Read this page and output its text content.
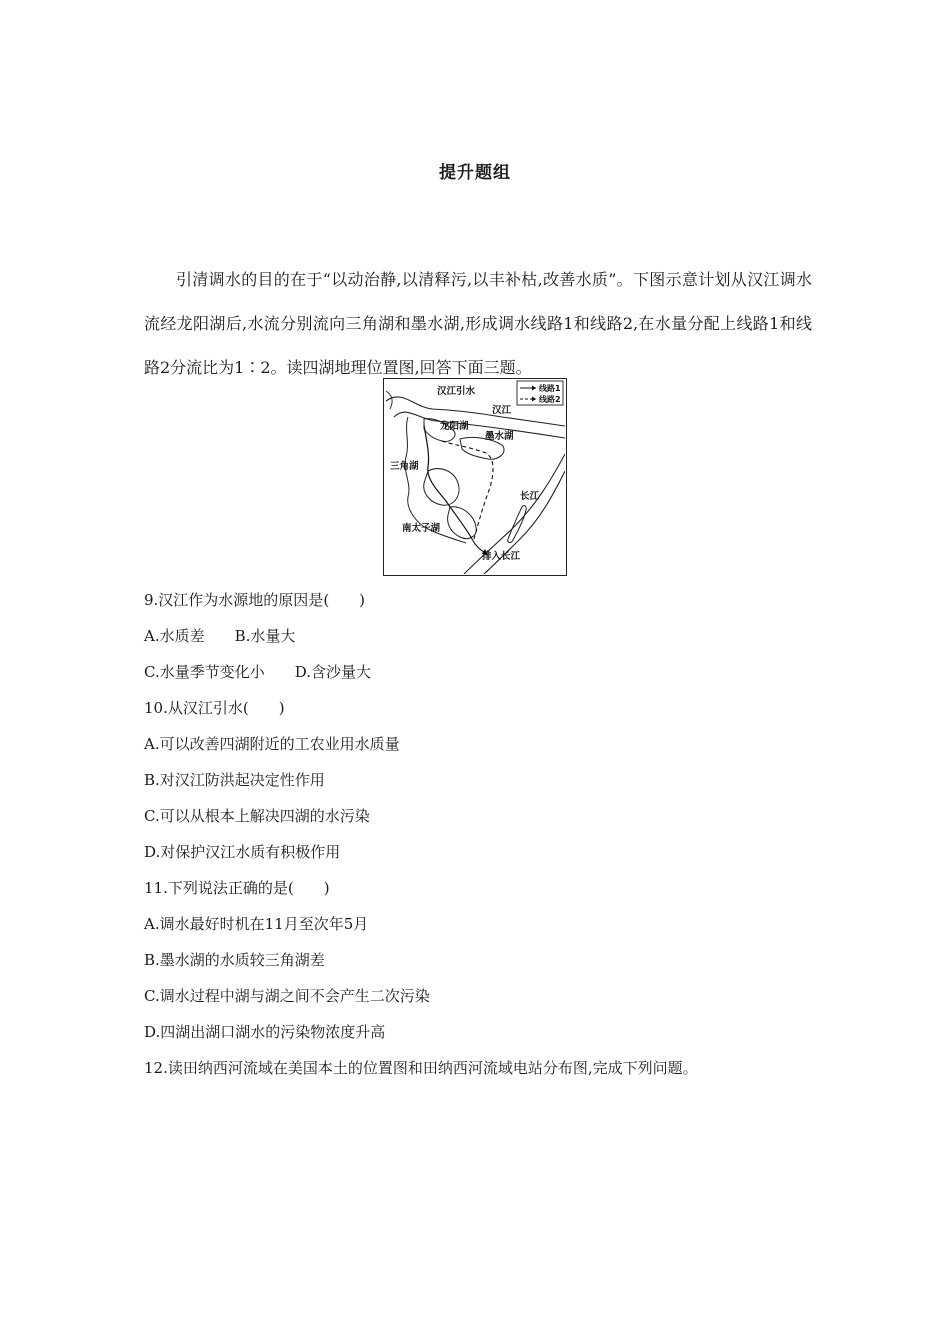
提升题组

引清调水的目的在于“以动治静,以清释污,以丰补枯,改善水质”。下图示意计划从汉江调水流经龙阳湖后,水流分别流向三角湖和墨水湖,形成调水线路1和线路2,在水量分配上线路1和线路2分流比为1∶2。读四湖地理位置图,回答下面三题。

线路1
线路2
汉江引水
汉江
龙阳湖
墨水湖
三角湖
长江
南太子湖
排入长江
9.汉江作为水源地的原因是(　　)
A.水质差 B.水量大
C.水量季节变化小 D.含沙量大
10.从汉江引水(　　)
A.可以改善四湖附近的工农业用水质量
B.对汉江防洪起决定性作用
C.可以从根本上解决四湖的水污染
D.对保护汉江水质有积极作用
11.下列说法正确的是(　　)
A.调水最好时机在11月至次年5月
B.墨水湖的水质较三角湖差
C.调水过程中湖与湖之间不会产生二次污染
D.四湖出湖口湖水的污染物浓度升高
12.读田纳西河流域在美国本土的位置图和田纳西河流域电站分布图,完成下列问题。
